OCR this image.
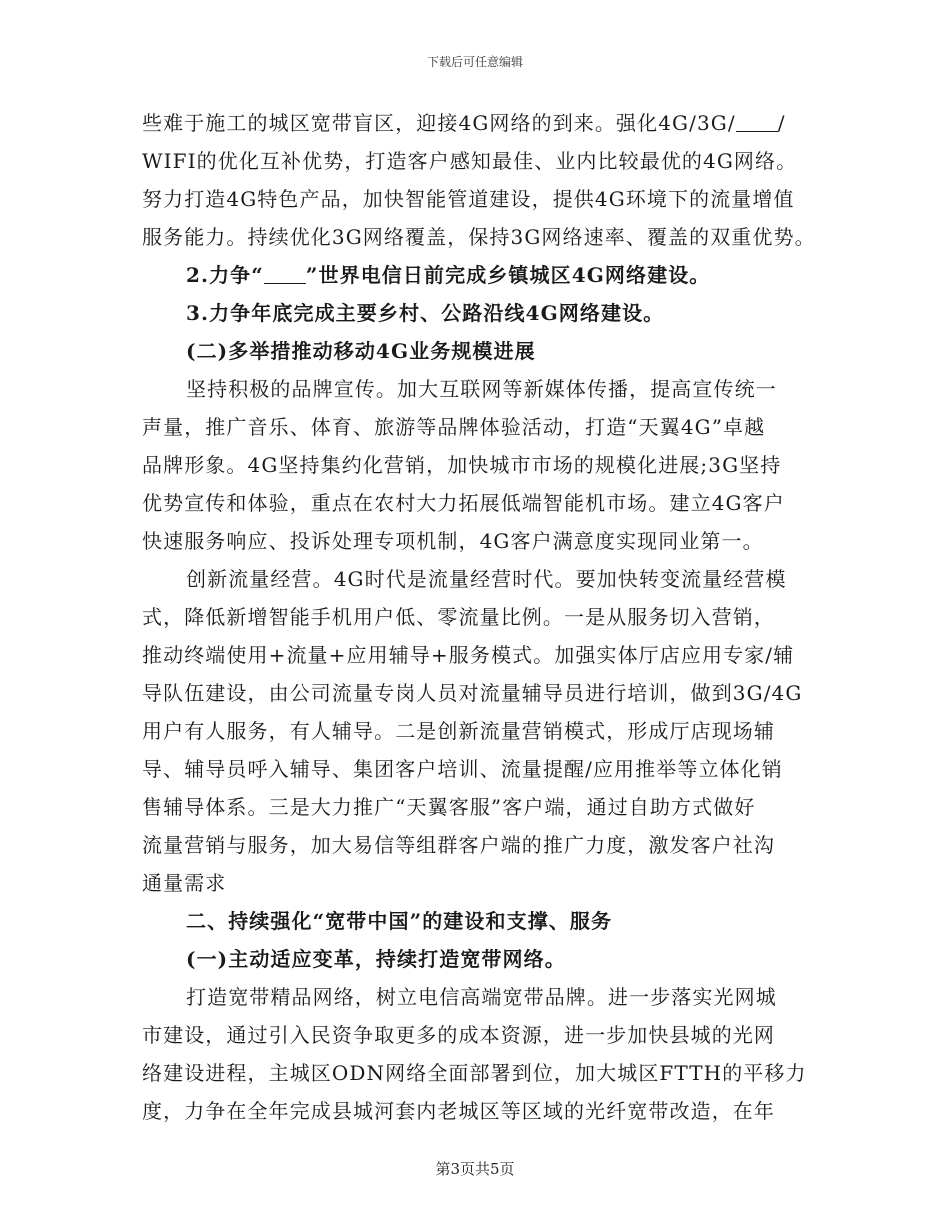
下载后可任意编辑
些难于施工的城区宽带盲区，迎接4G网络的到来。强化4G/3G/ /
WIFI的优化互补优势，打造客户感知最佳、业内比较最优的4G网络。
努力打造4G特色产品，加快智能管道建设，提供4G环境下的流量增值
服务能力。持续优化3G网络覆盖，保持3G网络速率、覆盖的双重优势。
2.力争“ ”世界电信日前完成乡镇城区4G网络建设。
3.力争年底完成主要乡村、公路沿线4G网络建设。
(二)多举措推动移动4G业务规模进展
坚持积极的品牌宣传。加大互联网等新媒体传播，提高宣传统一
声量，推广音乐、体育、旅游等品牌体验活动，打造“天翼4G”卓越
品牌形象。4G坚持集约化营销，加快城市市场的规模化进展;3G坚持
优势宣传和体验，重点在农村大力拓展低端智能机市场。建立4G客户
快速服务响应、投诉处理专项机制，4G客户满意度实现同业第一。
创新流量经营。4G时代是流量经营时代。要加快转变流量经营模
式，降低新增智能手机用户低、零流量比例。一是从服务切入营销，
推动终端使用+流量+应用辅导+服务模式。加强实体厅店应用专家/辅
导队伍建设，由公司流量专岗人员对流量辅导员进行培训，做到3G/4G
用户有人服务，有人辅导。二是创新流量营销模式，形成厅店现场辅
导、辅导员呼入辅导、集团客户培训、流量提醒/应用推举等立体化销
售辅导体系。三是大力推广“天翼客服”客户端，通过自助方式做好
流量营销与服务，加大易信等组群客户端的推广力度，激发客户社沟
通量需求
二、持续强化“宽带中国”的建设和支撑、服务
(一)主动适应变革，持续打造宽带网络。
打造宽带精品网络，树立电信高端宽带品牌。进一步落实光网城
市建设，通过引入民资争取更多的成本资源，进一步加快县城的光网
络建设进程，主城区ODN网络全面部署到位，加大城区FTTH的平移力
度，力争在全年完成县城河套内老城区等区域的光纤宽带改造，在年
第3页共5页
